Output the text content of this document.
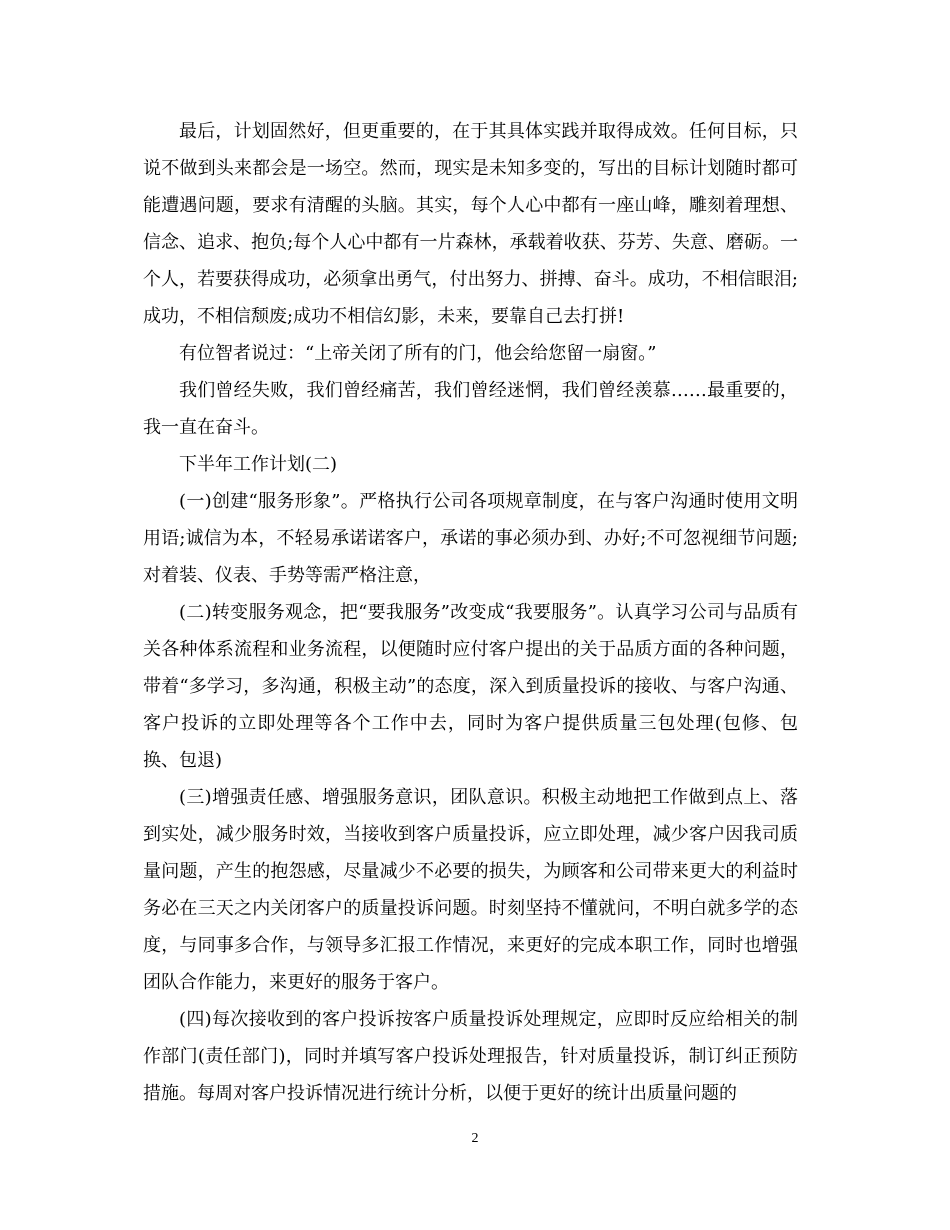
最后，计划固然好，但更重要的，在于其具体实践并取得成效。任何目标，只说不做到头来都会是一场空。然而，现实是未知多变的，写出的目标计划随时都可能遭遇问题，要求有清醒的头脑。其实，每个人心中都有一座山峰，雕刻着理想、信念、追求、抱负;每个人心中都有一片森林，承载着收获、芬芳、失意、磨砺。一个人，若要获得成功，必须拿出勇气，付出努力、拼搏、奋斗。成功，不相信眼泪;成功，不相信颓废;成功不相信幻影，未来，要靠自己去打拼!

有位智者说过：“上帝关闭了所有的门，他会给您留一扇窗。”

我们曾经失败，我们曾经痛苦，我们曾经迷惘，我们曾经羡慕……最重要的，我一直在奋斗。

下半年工作计划(二)

(一)创建“服务形象”。严格执行公司各项规章制度，在与客户沟通时使用文明用语;诚信为本，不轻易承诺诺客户，承诺的事必须办到、办好;不可忽视细节问题;对着装、仪表、手势等需严格注意，

(二)转变服务观念，把“要我服务”改变成“我要服务”。认真学习公司与品质有关各种体系流程和业务流程，以便随时应付客户提出的关于品质方面的各种问题，带着“多学习，多沟通，积极主动”的态度，深入到质量投诉的接收、与客户沟通、客户投诉的立即处理等各个工作中去，同时为客户提供质量三包处理(包修、包换、包退)

(三)增强责任感、增强服务意识，团队意识。积极主动地把工作做到点上、落到实处，减少服务时效，当接收到客户质量投诉，应立即处理，减少客户因我司质量问题，产生的抱怨感，尽量减少不必要的损失，为顾客和公司带来更大的利益时务必在三天之内关闭客户的质量投诉问题。时刻坚持不懂就问，不明白就多学的态度，与同事多合作，与领导多汇报工作情况，来更好的完成本职工作，同时也增强团队合作能力，来更好的服务于客户。

(四)每次接收到的客户投诉按客户质量投诉处理规定，应即时反应给相关的制作部门(责任部门)，同时并填写客户投诉处理报告，针对质量投诉，制订纠正预防措施。每周对客户投诉情况进行统计分析，以便于更好的统计出质量问题的

2
